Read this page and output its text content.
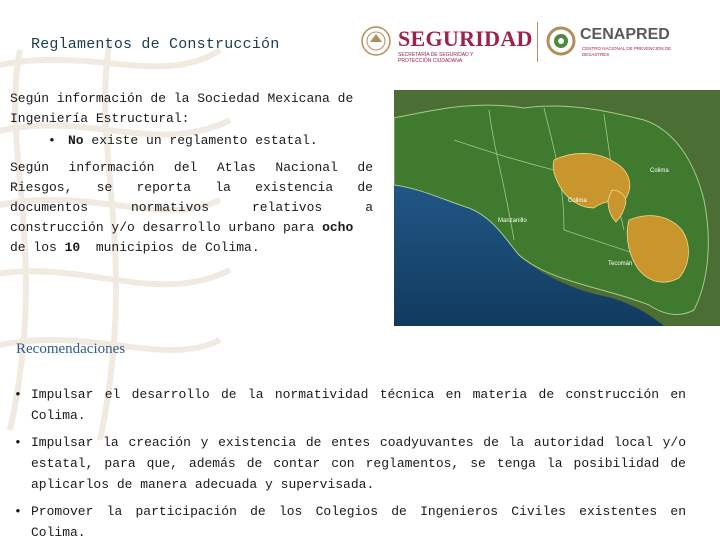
Reglamentos de Construcción	SEGURIDAD
SECRETARÍA DE SEGURIDAD Y PROTECCIÓN CIUDADANA
CENAPRED
CENTRO NACIONAL DE PREVENCIÓN DE DESASTRES

Según información de la Sociedad Mexicana de
Ingeniería Estructural:

• No existe un reglamento estatal.

Según información del Atlas Nacional de
Riesgos, se reporta la existencia de
documentos normativos relativos a
construcción y/o desarrollo urbano para ocho
de los 10  municipios de Colima.
Colima
Colima
Manzanillo
Tecomán
Recomendaciones
• Impulsar el desarrollo de la normatividad técnica en materia de construcción en Colima.
• Impulsar la creación y existencia de entes coadyuvantes de la autoridad local y/o estatal, para que, además de contar con reglamentos, se tenga la posibilidad de aplicarlos de manera adecuada y supervisada.
• Promover la participación de los Colegios de Ingenieros Civiles existentes en Colima.
